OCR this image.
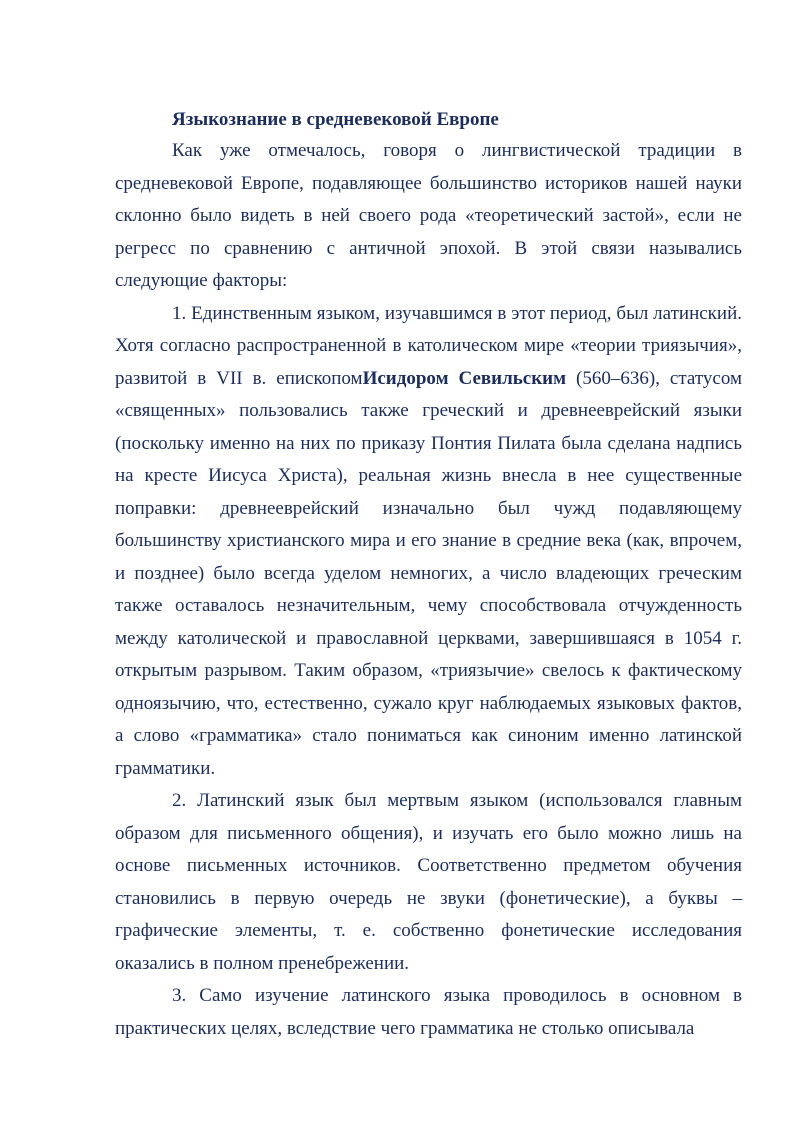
Языкознание в средневековой Европе

Как уже отмечалось, говоря о лингвистической традиции в средневековой Европе, подавляющее большинство историков нашей науки склонно было видеть в ней своего рода «теоретический застой», если не регресс по сравнению с античной эпохой. В этой связи назывались следующие факторы:

1. Единственным языком, изучавшимся в этот период, был латинский. Хотя согласно распространенной в католическом мире «теории триязычия», развитой в VII в. епископомИсидором Севильским (560–636), статусом «священных» пользовались также греческий и древнееврейский языки (поскольку именно на них по приказу Понтия Пилата была сделана надпись на кресте Иисуса Христа), реальная жизнь внесла в нее существенные поправки: древнееврейский изначально был чужд подавляющему большинству христианского мира и его знание в средние века (как, впрочем, и позднее) было всегда уделом немногих, а число владеющих греческим также оставалось незначительным, чему способствовала отчужденность между католической и православной церквами, завершившаяся в 1054 г. открытым разрывом. Таким образом, «триязычие» свелось к фактическому одноязычию, что, естественно, сужало круг наблюдаемых языковых фактов, а слово «грамматика» стало пониматься как синоним именно латинской грамматики.

2. Латинский язык был мертвым языком (использовался главным образом для письменного общения), и изучать его было можно лишь на основе письменных источников. Соответственно предметом обучения становились в первую очередь не звуки (фонетические), а буквы – графические элементы, т. е. собственно фонетические исследования оказались в полном пренебрежении.

3. Само изучение латинского языка проводилось в основном в практических целях, вследствие чего грамматика не столько описывала
